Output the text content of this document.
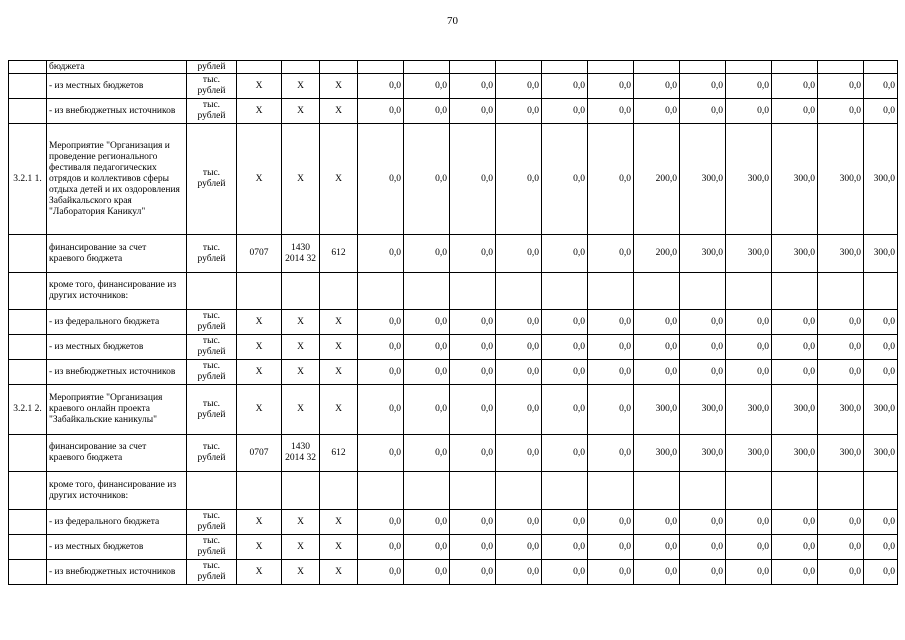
70
	бюджета	рублей															
	- из местных бюджетов	тыс. рублей	X	X	X	0,0	0,0	0,0	0,0	0,0	0,0	0,0	0,0	0,0	0,0	0,0	0,0
	- из внебюджетных источников	тыс. рублей	X	X	X	0,0	0,0	0,0	0,0	0,0	0,0	0,0	0,0	0,0	0,0	0,0	0,0
3.2.1 1.	Мероприятие "Организация и проведение регионального фестиваля педагогических отрядов и коллективов сферы отдыха детей и их оздоровления Забайкальского края "Лаборатория Каникул"	тыс. рублей	X	X	X	0,0	0,0	0,0	0,0	0,0	0,0	200,0	300,0	300,0	300,0	300,0	300,0
	финансирование за счет краевого бюджета	тыс. рублей	0707	1430 2014 32	612	0,0	0,0	0,0	0,0	0,0	0,0	200,0	300,0	300,0	300,0	300,0	300,0
	кроме того, финансирование из других источников:																
	- из федерального бюджета	тыс. рублей	X	X	X	0,0	0,0	0,0	0,0	0,0	0,0	0,0	0,0	0,0	0,0	0,0	0,0
	- из местных бюджетов	тыс. рублей	X	X	X	0,0	0,0	0,0	0,0	0,0	0,0	0,0	0,0	0,0	0,0	0,0	0,0
	- из внебюджетных источников	тыс. рублей	X	X	X	0,0	0,0	0,0	0,0	0,0	0,0	0,0	0,0	0,0	0,0	0,0	0,0
3.2.1 2.	Мероприятие "Организация краевого онлайн проекта "Забайкальские каникулы"	тыс. рублей	X	X	X	0,0	0,0	0,0	0,0	0,0	0,0	300,0	300,0	300,0	300,0	300,0	300,0
	финансирование за счет краевого бюджета	тыс. рублей	0707	1430 2014 32	612	0,0	0,0	0,0	0,0	0,0	0,0	300,0	300,0	300,0	300,0	300,0	300,0
	кроме того, финансирование из других источников:																
	- из федерального бюджета	тыс. рублей	X	X	X	0,0	0,0	0,0	0,0	0,0	0,0	0,0	0,0	0,0	0,0	0,0	0,0
	- из местных бюджетов	тыс. рублей	X	X	X	0,0	0,0	0,0	0,0	0,0	0,0	0,0	0,0	0,0	0,0	0,0	0,0
	- из внебюджетных источников	тыс. рублей	X	X	X	0,0	0,0	0,0	0,0	0,0	0,0	0,0	0,0	0,0	0,0	0,0	0,0
